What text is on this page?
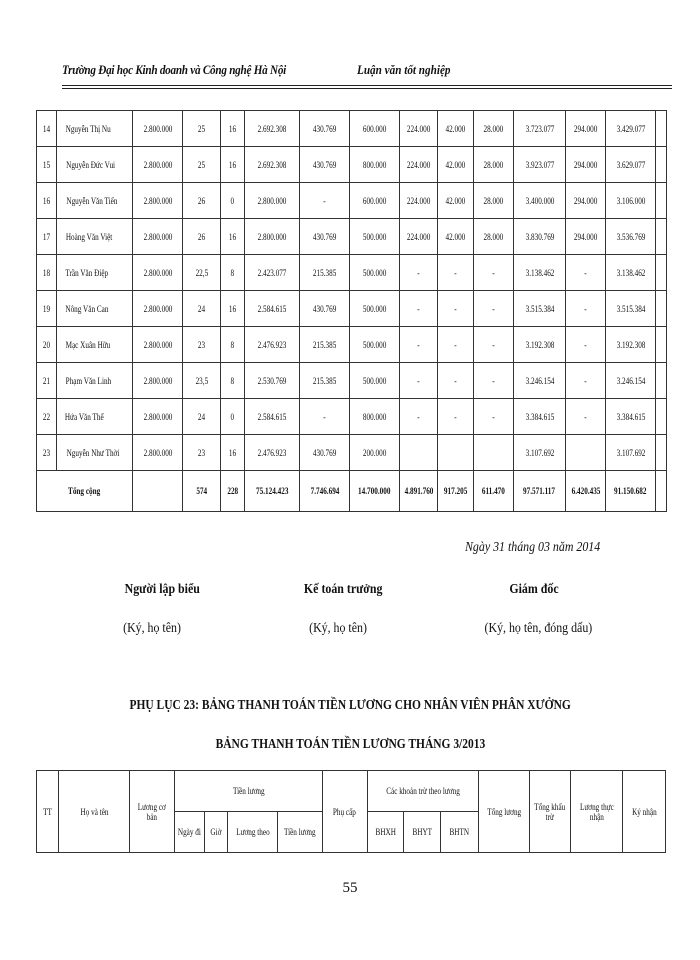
Trường Đại học Kinh doanh và Công nghệ Hà Nội	Luận văn tốt nghiệp
14	Nguyễn Thị Nu	2.800.000	25	16	2.692.308	430.769	600.000	224.000	42.000	28.000	3.723.077	294.000	3.429.077	
15	Nguyễn Đức Vui	2.800.000	25	16	2.692.308	430.769	800.000	224.000	42.000	28.000	3.923.077	294.000	3.629.077	
16	Nguyễn Văn Tiến	2.800.000	26	0	2.800.000	-	600.000	224.000	42.000	28.000	3.400.000	294.000	3.106.000	
17	Hoàng Văn Việt	2.800.000	26	16	2.800.000	430.769	500.000	224.000	42.000	28.000	3.830.769	294.000	3.536.769	
18	Trần Văn Điệp	2.800.000	22,5	8	2.423.077	215.385	500.000	-	-	-	3.138.462	-	3.138.462	
19	Nông Văn Can	2.800.000	24	16	2.584.615	430.769	500.000	-	-	-	3.515.384	-	3.515.384	
20	Mạc Xuân Hữu	2.800.000	23	8	2.476.923	215.385	500.000	-	-	-	3.192.308	-	3.192.308	
21	Phạm Văn Linh	2.800.000	23,5	8	2.530.769	215.385	500.000	-	-	-	3.246.154	-	3.246.154	
22	Hứa Văn Thể	2.800.000	24	0	2.584.615	-	800.000	-	-	-	3.384.615	-	3.384.615	
23	Nguyễn Như Thời	2.800.000	23	16	2.476.923	430.769	200.000				3.107.692		3.107.692	
Tổng cộng			574	228	75.124.423	7.746.694	14.700.000	4.891.760	917.205	611.470	97.571.117	6.420.435	91.150.682	
Ngày 31 tháng 03 năm 2014
Người lập biểu	Kế toán trưởng	Giám đốc
(Ký, họ tên)	(Ký, họ tên)	(Ký, họ tên, đóng dấu)
PHỤ LỤC 23: BẢNG THANH TOÁN TIỀN LƯƠNG CHO NHÂN VIÊN PHÂN XƯỞNG
BẢNG THANH TOÁN TIỀN LƯƠNG THÁNG 3/2013
TT	Họ và tên	Lương cơ bản	Tiền lương				Phụ cấp	Các khoản trừ theo lương			Tổng lương	Tổng khấu trừ	Lương thực nhận	Ký nhận
			Ngày đi	Giờ	Lương theo	Tiền lương		BHXH	BHYT	BHTN				
55
